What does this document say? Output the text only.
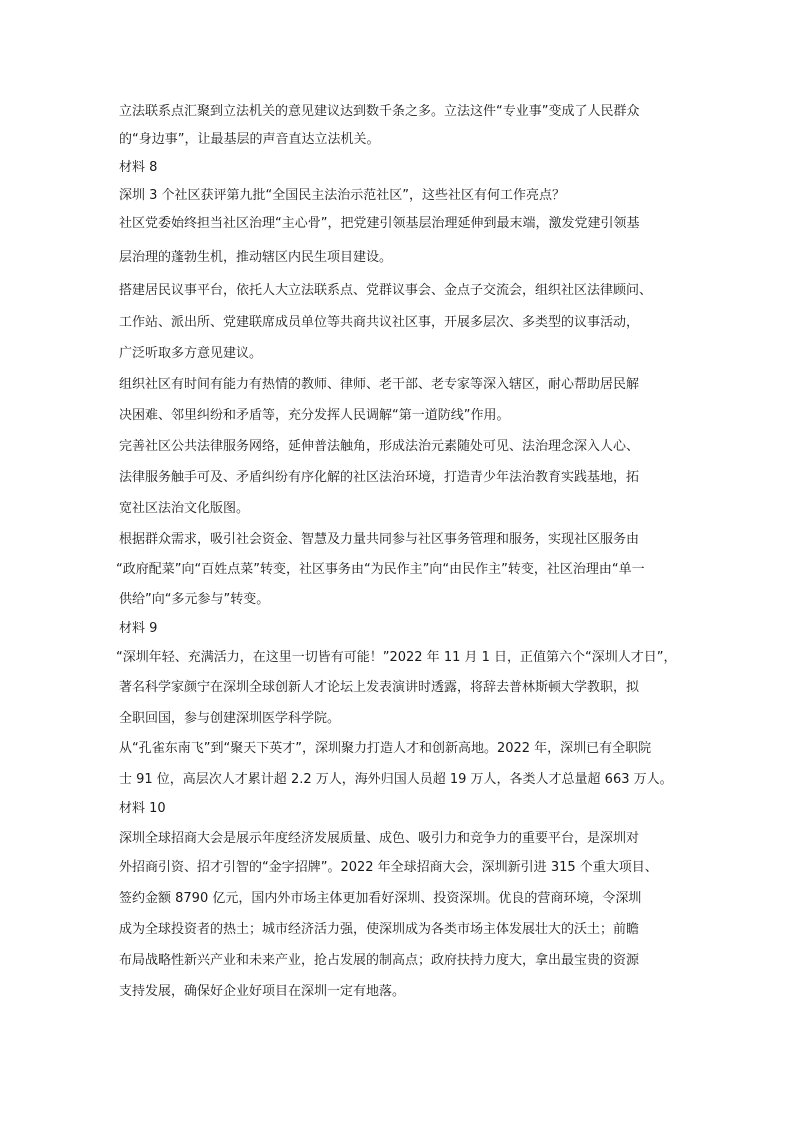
立法联系点汇聚到立法机关的意见建议达到数千条之多。立法这件“专业事”变成了人民群众
的“身边事”，让最基层的声音直达立法机关。
材料 8
深圳 3 个社区获评第九批“全国民主法治示范社区”，这些社区有何工作亮点？
社区党委始终担当社区治理“主心骨”，把党建引领基层治理延伸到最末端，激发党建引领基
层治理的蓬勃生机，推动辖区内民生项目建设。
搭建居民议事平台，依托人大立法联系点、党群议事会、金点子交流会，组织社区法律顾问、
工作站、派出所、党建联席成员单位等共商共议社区事，开展多层次、多类型的议事活动，
广泛听取多方意见建议。
组织社区有时间有能力有热情的教师、律师、老干部、老专家等深入辖区，耐心帮助居民解
决困难、邻里纠纷和矛盾等，充分发挥人民调解“第一道防线”作用。
完善社区公共法律服务网络，延伸普法触角，形成法治元素随处可见、法治理念深入人心、
法律服务触手可及、矛盾纠纷有序化解的社区法治环境，打造青少年法治教育实践基地，拓
宽社区法治文化版图。
根据群众需求，吸引社会资金、智慧及力量共同参与社区事务管理和服务，实现社区服务由
“政府配菜”向“百姓点菜”转变，社区事务由“为民作主”向“由民作主”转变，社区治理由“单一
供给”向“多元参与”转变。
材料 9
“深圳年轻、充满活力，在这里一切皆有可能！”2022 年 11 月 1 日，正值第六个“深圳人才日”，
著名科学家颜宁在深圳全球创新人才论坛上发表演讲时透露，将辞去普林斯顿大学教职，拟
全职回国，参与创建深圳医学科学院。
从“孔雀东南飞”到“聚天下英才”，深圳聚力打造人才和创新高地。2022 年，深圳已有全职院
士 91 位，高层次人才累计超 2.2 万人，海外归国人员超 19 万人，各类人才总量超 663 万人。
材料 10
深圳全球招商大会是展示年度经济发展质量、成色、吸引力和竞争力的重要平台，是深圳对
外招商引资、招才引智的“金字招牌”。2022 年全球招商大会，深圳新引进 315 个重大项目、
签约金额 8790 亿元，国内外市场主体更加看好深圳、投资深圳。优良的营商环境，令深圳
成为全球投资者的热土；城市经济活力强，使深圳成为各类市场主体发展壮大的沃土；前瞻
布局战略性新兴产业和未来产业，抢占发展的制高点；政府扶持力度大，拿出最宝贵的资源
支持发展，确保好企业好项目在深圳一定有地落。
